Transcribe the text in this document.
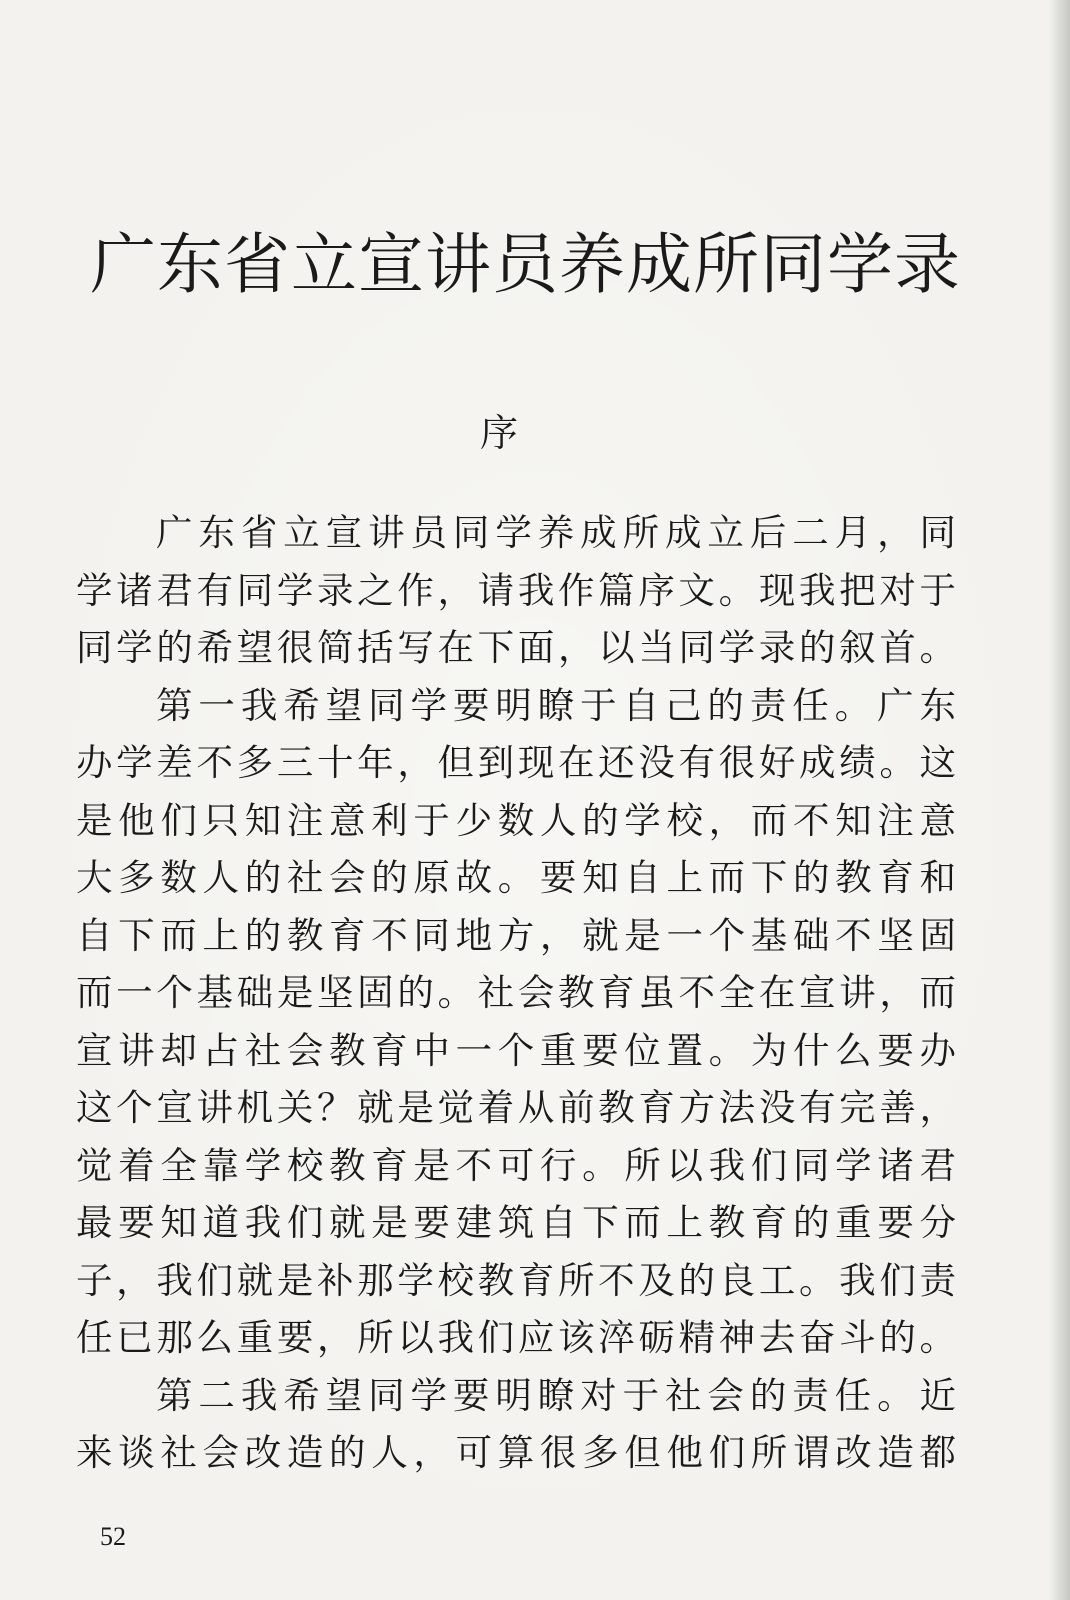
广东省立宣讲员养成所同学录
序
广东省立宣讲员同学养成所成立后二月，同
学诸君有同学录之作，请我作篇序文。现我把对于
同学的希望很简括写在下面，以当同学录的叙首。
第一我希望同学要明瞭于自己的责任。广东
办学差不多三十年，但到现在还没有很好成绩。这
是他们只知注意利于少数人的学校，而不知注意
大多数人的社会的原故。要知自上而下的教育和
自下而上的教育不同地方，就是一个基础不坚固
而一个基础是坚固的。社会教育虽不全在宣讲，而
宣讲却占社会教育中一个重要位置。为什么要办
这个宣讲机关？就是觉着从前教育方法没有完善，
觉着全靠学校教育是不可行。所以我们同学诸君
最要知道我们就是要建筑自下而上教育的重要分
子，我们就是补那学校教育所不及的良工。我们责
任已那么重要，所以我们应该淬砺精神去奋斗的。
第二我希望同学要明瞭对于社会的责任。近
来谈社会改造的人，可算很多但他们所谓改造都
52
